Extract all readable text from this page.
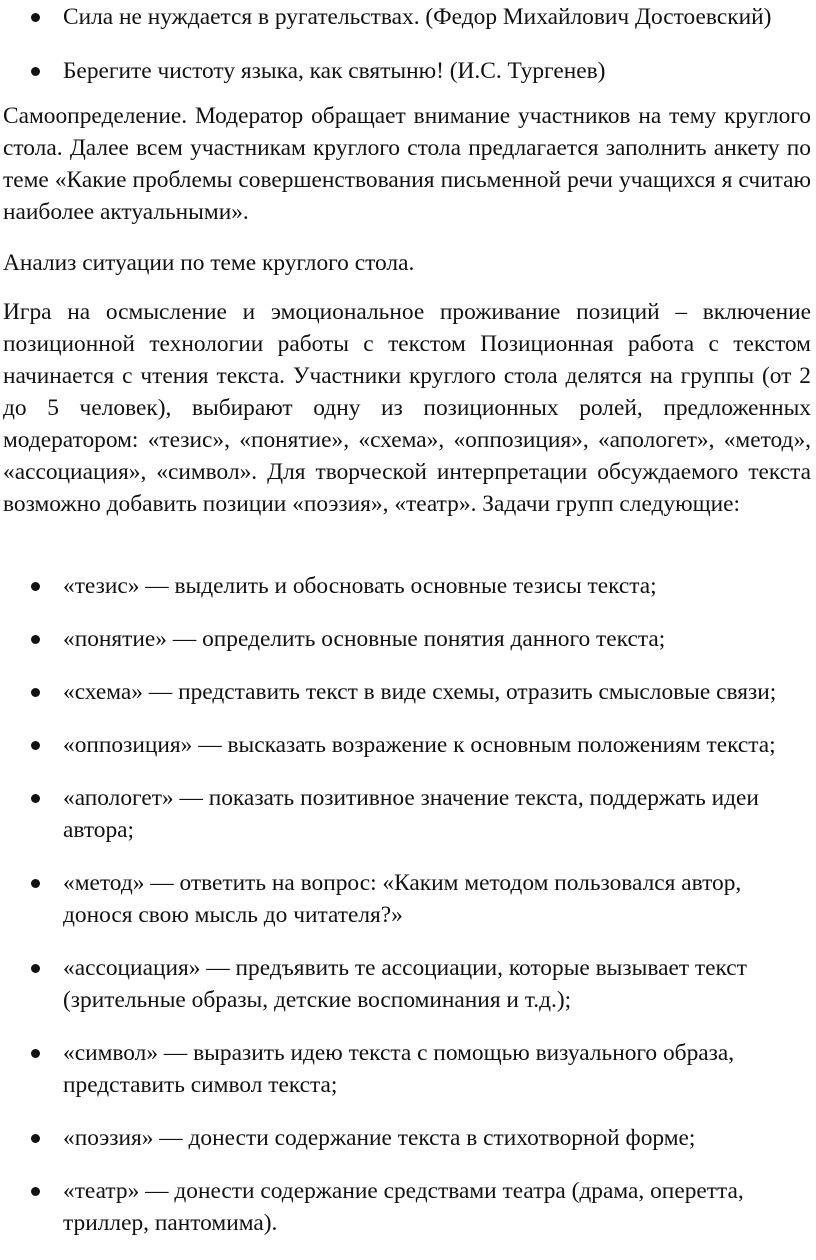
Сила не нуждается в ругательствах. (Федор Михайлович Достоевский)
Берегите чистоту языка, как святыню! (И.С. Тургенев)

Самоопределение. Модератор обращает внимание участников на тему круглого стола. Далее всем участникам круглого стола предлагается заполнить анкету по теме «Какие проблемы совершенствования письменной речи учащихся я считаю наиболее актуальными».

Анализ ситуации по теме круглого стола.

Игра на осмысление и эмоциональное проживание позиций – включение позиционной технологии работы с текстом Позиционная работа с текстом начинается с чтения текста. Участники круглого стола делятся на группы (от 2 до 5 человек), выбирают одну из позиционных ролей, предложенных модератором: «тезис», «понятие», «схема», «оппозиция», «апологет», «метод», «ассоциация», «символ». Для творческой интерпретации обсуждаемого текста возможно добавить позиции «поэзия», «театр». Задачи групп следующие:

«тезис» — выделить и обосновать основные тезисы текста;
«понятие» — определить основные понятия данного текста;
«схема» — представить текст в виде схемы, отразить смысловые связи;
«оппозиция» — высказать возражение к основным положениям текста;
«апологет» — показать позитивное значение текста, поддержать идеи автора;
«метод» — ответить на вопрос: «Каким методом пользовался автор, донося свою мысль до читателя?»
«ассоциация» — предъявить те ассоциации, которые вызывает текст (зрительные образы, детские воспоминания и т.д.);
«символ» — выразить идею текста с помощью визуального образа, представить символ текста;
«поэзия» — донести содержание текста в стихотворной форме;
«театр» — донести содержание средствами театра (драма, оперетта, триллер, пантомима).
